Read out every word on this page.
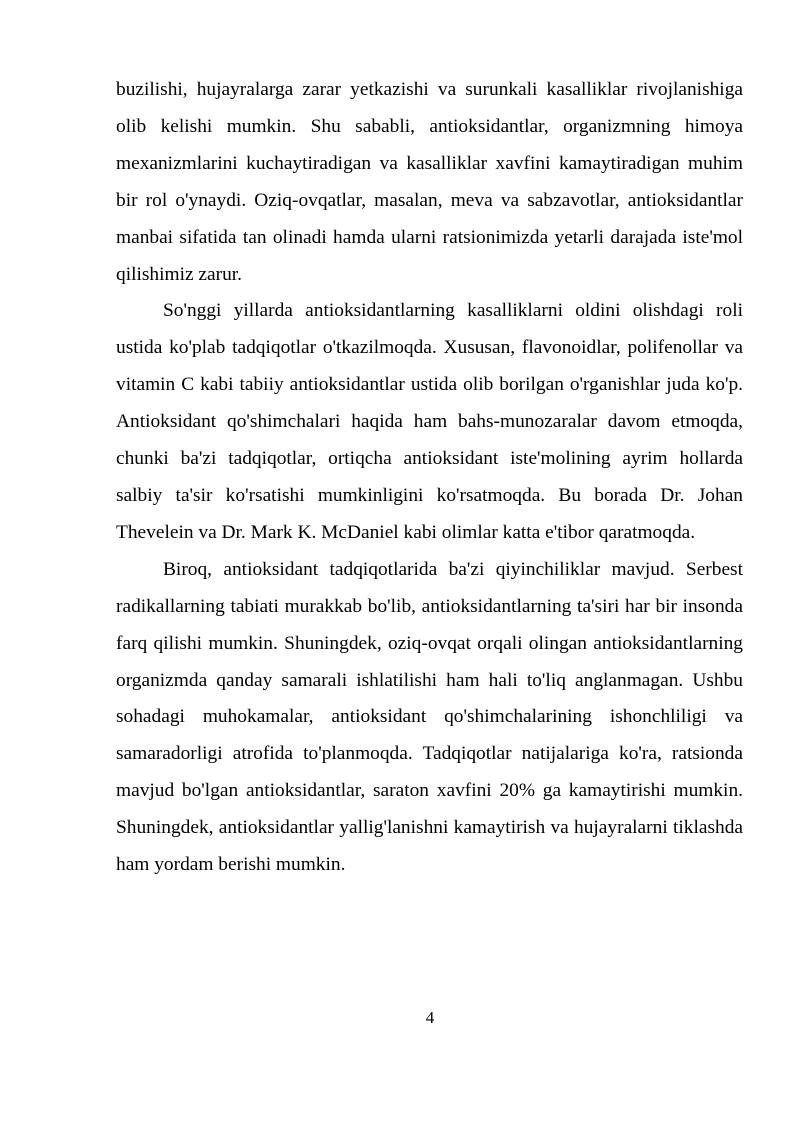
buzilishi, hujayralarga zarar yetkazishi va surunkali kasalliklar rivojlanishiga olib kelishi mumkin. Shu sababli, antioksidantlar, organizmning himoya mexanizmlarini kuchaytiradigan va kasalliklar xavfini kamaytiradigan muhim bir rol o'ynaydi. Oziq-ovqatlar, masalan, meva va sabzavotlar, antioksidantlar manbai sifatida tan olinadi hamda ularni ratsionimizda yetarli darajada iste'mol qilishimiz zarur.

So'nggi yillarda antioksidantlarning kasalliklarni oldini olishdagi roli ustida ko'plab tadqiqotlar o'tkazilmoqda. Xususan, flavonoidlar, polifenollar va vitamin C kabi tabiiy antioksidantlar ustida olib borilgan o'rganishlar juda ko'p. Antioksidant qo'shimchalari haqida ham bahs-munozaralar davom etmoqda, chunki ba'zi tadqiqotlar, ortiqcha antioksidant iste'molining ayrim hollarda salbiy ta'sir ko'rsatishi mumkinligini ko'rsatmoqda. Bu borada Dr. Johan Thevelein va Dr. Mark K. McDaniel kabi olimlar katta e'tibor qaratmoqda.

Biroq, antioksidant tadqiqotlarida ba'zi qiyinchiliklar mavjud. Serbest radikallarning tabiati murakkab bo'lib, antioksidantlarning ta'siri har bir insonda farq qilishi mumkin. Shuningdek, oziq-ovqat orqali olingan antioksidantlarning organizmda qanday samarali ishlatilishi ham hali to'liq anglanmagan. Ushbu sohadagi muhokamalar, antioksidant qo'shimchalarining ishonchliligi va samaradorligi atrofida to'planmoqda. Tadqiqotlar natijalariga ko'ra, ratsionda mavjud bo'lgan antioksidantlar, saraton xavfini 20% ga kamaytirishi mumkin. Shuningdek, antioksidantlar yallig'lanishni kamaytirish va hujayralarni tiklashda ham yordam berishi mumkin.

4
